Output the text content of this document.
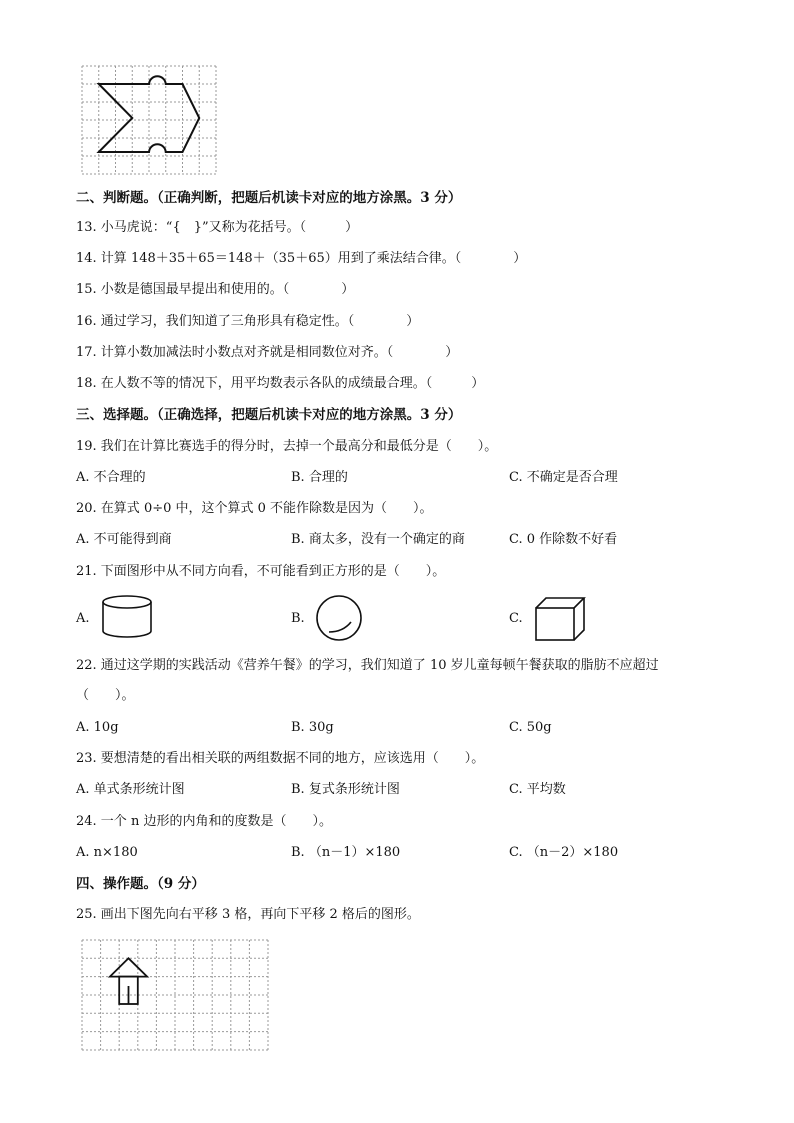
二、判断题。（正确判断，把题后机读卡对应的地方涂黑。3 分）
13. 小马虎说：“{　}”又称为花括号。（　　　）
14. 计算 148＋35＋65＝148＋（35＋65）用到了乘法结合律。（　　　　）
15. 小数是德国最早提出和使用的。（　　　　）
16. 通过学习，我们知道了三角形具有稳定性。（　　　　）
17. 计算小数加减法时小数点对齐就是相同数位对齐。（　　　　）
18. 在人数不等的情况下，用平均数表示各队的成绩最合理。（　　　）
三、选择题。（正确选择，把题后机读卡对应的地方涂黑。3 分）
19. 我们在计算比赛选手的得分时，去掉一个最高分和最低分是（　　）。
A. 不合理的	B. 合理的	C. 不确定是否合理
20. 在算式 0÷0 中，这个算式 0 不能作除数是因为（　　）。
A. 不可能得到商	B. 商太多，没有一个确定的商	C. 0 作除数不好看
21. 下面图形中从不同方向看，不可能看到正方形的是（　　）。
A.	B.	C.
22. 通过这学期的实践活动《营养午餐》的学习，我们知道了 10 岁儿童每顿午餐获取的脂肪不应超过
（　　）。
A. 10g	B. 30g	C. 50g
23. 要想清楚的看出相关联的两组数据不同的地方，应该选用（　　）。
A. 单式条形统计图	B. 复式条形统计图	C. 平均数
24. 一个 n 边形的内角和的度数是（　　）。
A. n×180	B. （n－1）×180	C. （n－2）×180
四、操作题。（9 分）
25. 画出下图先向右平移 3 格，再向下平移 2 格后的图形。
